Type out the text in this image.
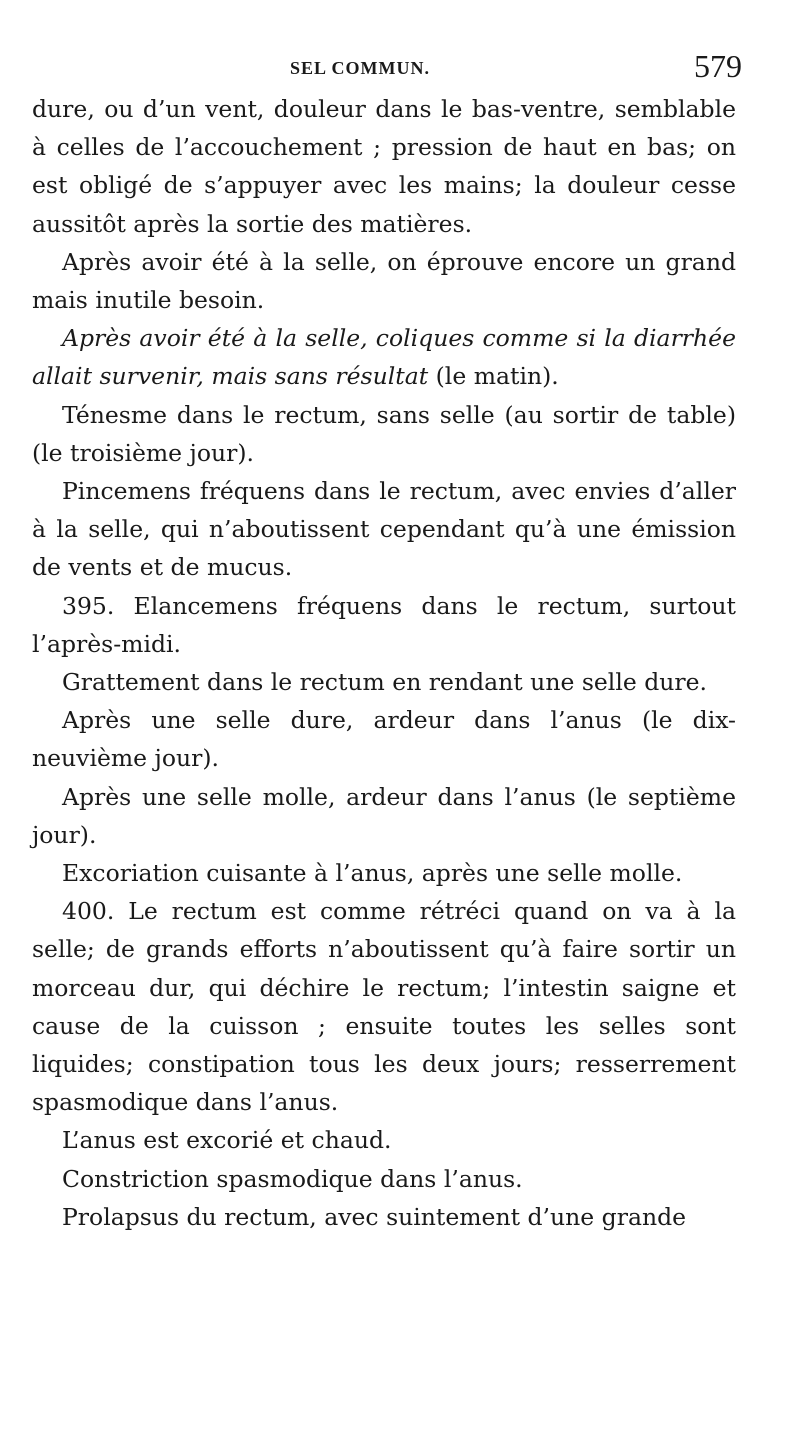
SEL COMMUN.	579

dure, ou d’un vent, douleur dans le bas-ventre, semblable à celles de l’accouchement ; pression de haut en bas; on est obligé de s’appuyer avec les mains; la douleur cesse aussitôt après la sortie des matières.

Après avoir été à la selle, on éprouve encore un grand mais inutile besoin.

Après avoir été à la selle, coliques comme si la diarrhée allait survenir, mais sans résultat (le matin).

Ténesme dans le rectum, sans selle (au sortir de table) (le troisième jour).

Pincemens fréquens dans le rectum, avec envies d’aller à la selle, qui n’aboutissent cependant qu’à une émission de vents et de mucus.

395. Elancemens fréquens dans le rectum, surtout l’après-midi.

Grattement dans le rectum en rendant une selle dure.

Après une selle dure, ardeur dans l’anus (le dix-neuvième jour).

Après une selle molle, ardeur dans l’anus (le septième jour).

Excoriation cuisante à l’anus, après une selle molle.

400. Le rectum est comme rétréci quand on va à la selle; de grands efforts n’aboutissent qu’à faire sortir un morceau dur, qui déchire le rectum; l’intestin saigne et cause de la cuisson ; ensuite toutes les selles sont liquides; constipation tous les deux jours; resserrement spasmodique dans l’anus.

L’anus est excorié et chaud.

Constriction spasmodique dans l’anus.

Prolapsus du rectum, avec suintement d’une grande
